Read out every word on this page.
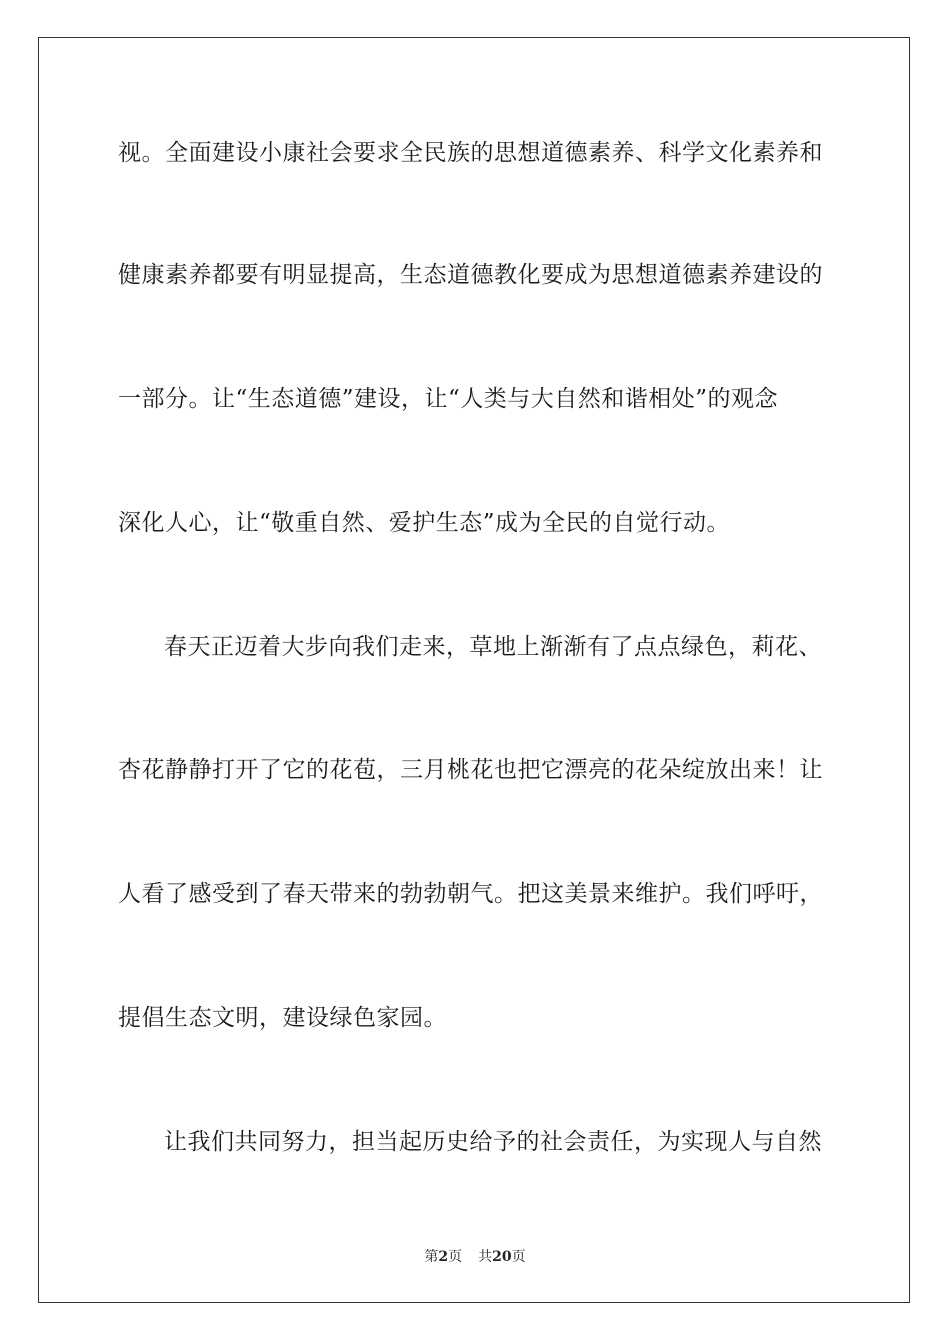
视。全面建设小康社会要求全民族的思想道德素养、科学文化素养和
健康素养都要有明显提高，生态道德教化要成为思想道德素养建设的
一部分。让“生态道德”建设，让“人类与大自然和谐相处”的观念
深化人心，让“敬重自然、爱护生态”成为全民的自觉行动。
春天正迈着大步向我们走来，草地上渐渐有了点点绿色，莉花、
杏花静静打开了它的花苞，三月桃花也把它漂亮的花朵绽放出来！让
人看了感受到了春天带来的勃勃朝气。把这美景来维护。我们呼吁，
提倡生态文明，建设绿色家园。
让我们共同努力，担当起历史给予的社会责任，为实现人与自然
第2页 共20页
